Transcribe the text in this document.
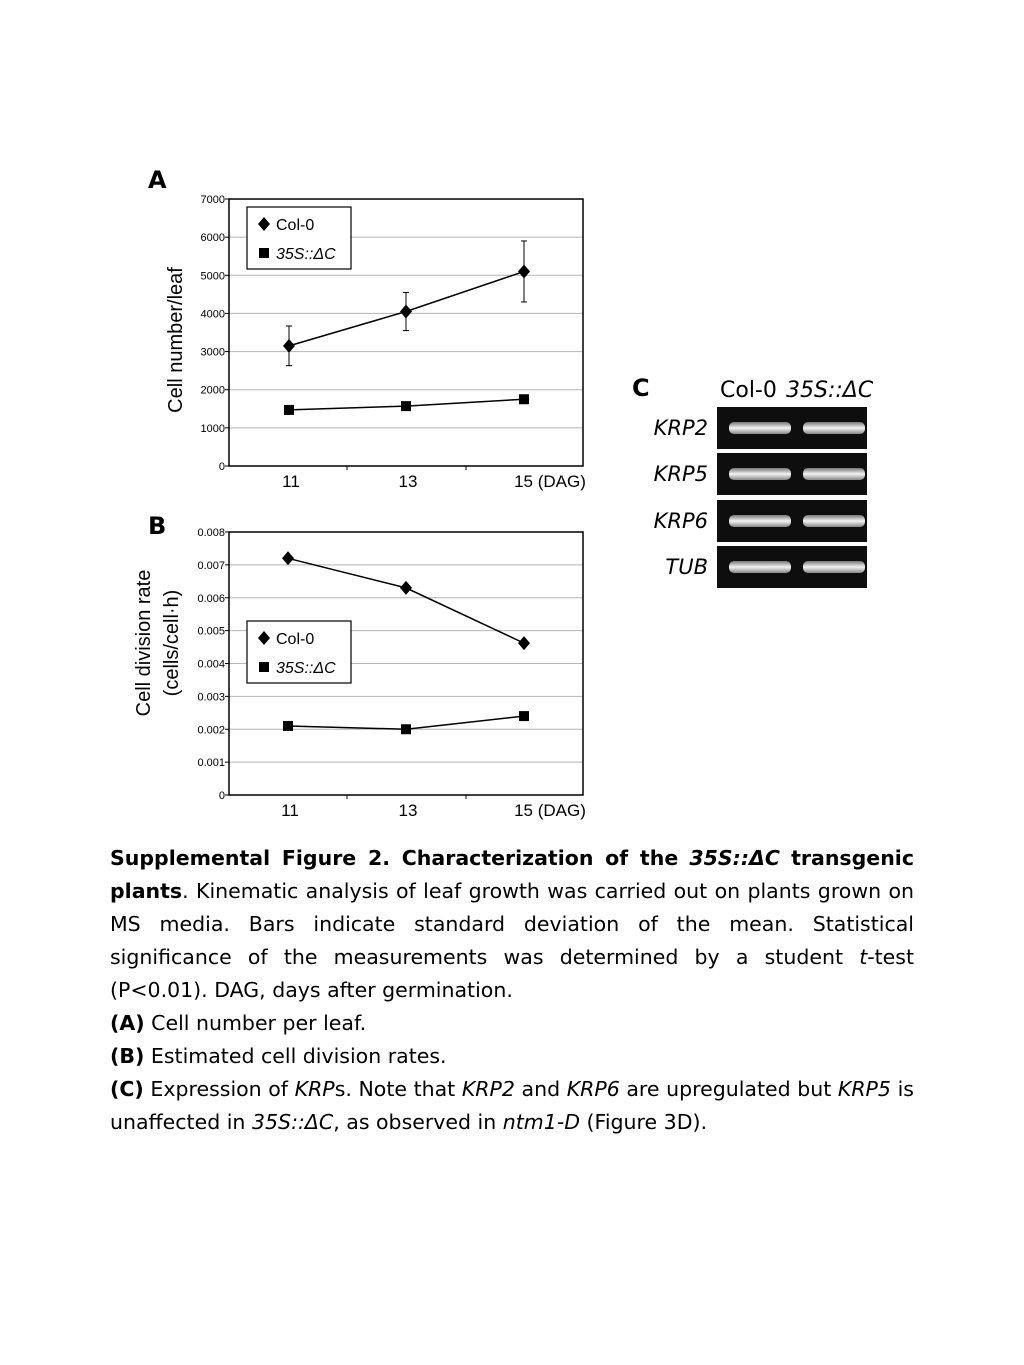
A
B
C
0
1000
2000
3000
4000
5000
6000
7000
11	13	15 (DAG)
Cell number/leaf
Col-0
35S::ΔC
0
0.001
0.002
0.003
0.004
0.005
0.006
0.007
0.008
11	13	15 (DAG)
Cell division rate (cells/cell·h)	Col-0
35S::ΔC
Col-0 35S::ΔC
KRP2
KRP5
KRP6
TUB

Supplemental Figure 2. Characterization of the 35S::ΔC transgenic plants. Kinematic analysis of leaf growth was carried out on plants grown on MS media. Bars indicate standard deviation of the mean. Statistical significance of the measurements was determined by a student t-test (P<0.01). DAG, days after germination.

(A) Cell number per leaf.

(B) Estimated cell division rates.

(C) Expression of KRPs. Note that KRP2 and KRP6 are upregulated but KRP5 is unaffected in 35S::ΔC, as observed in ntm1-D (Figure 3D).
